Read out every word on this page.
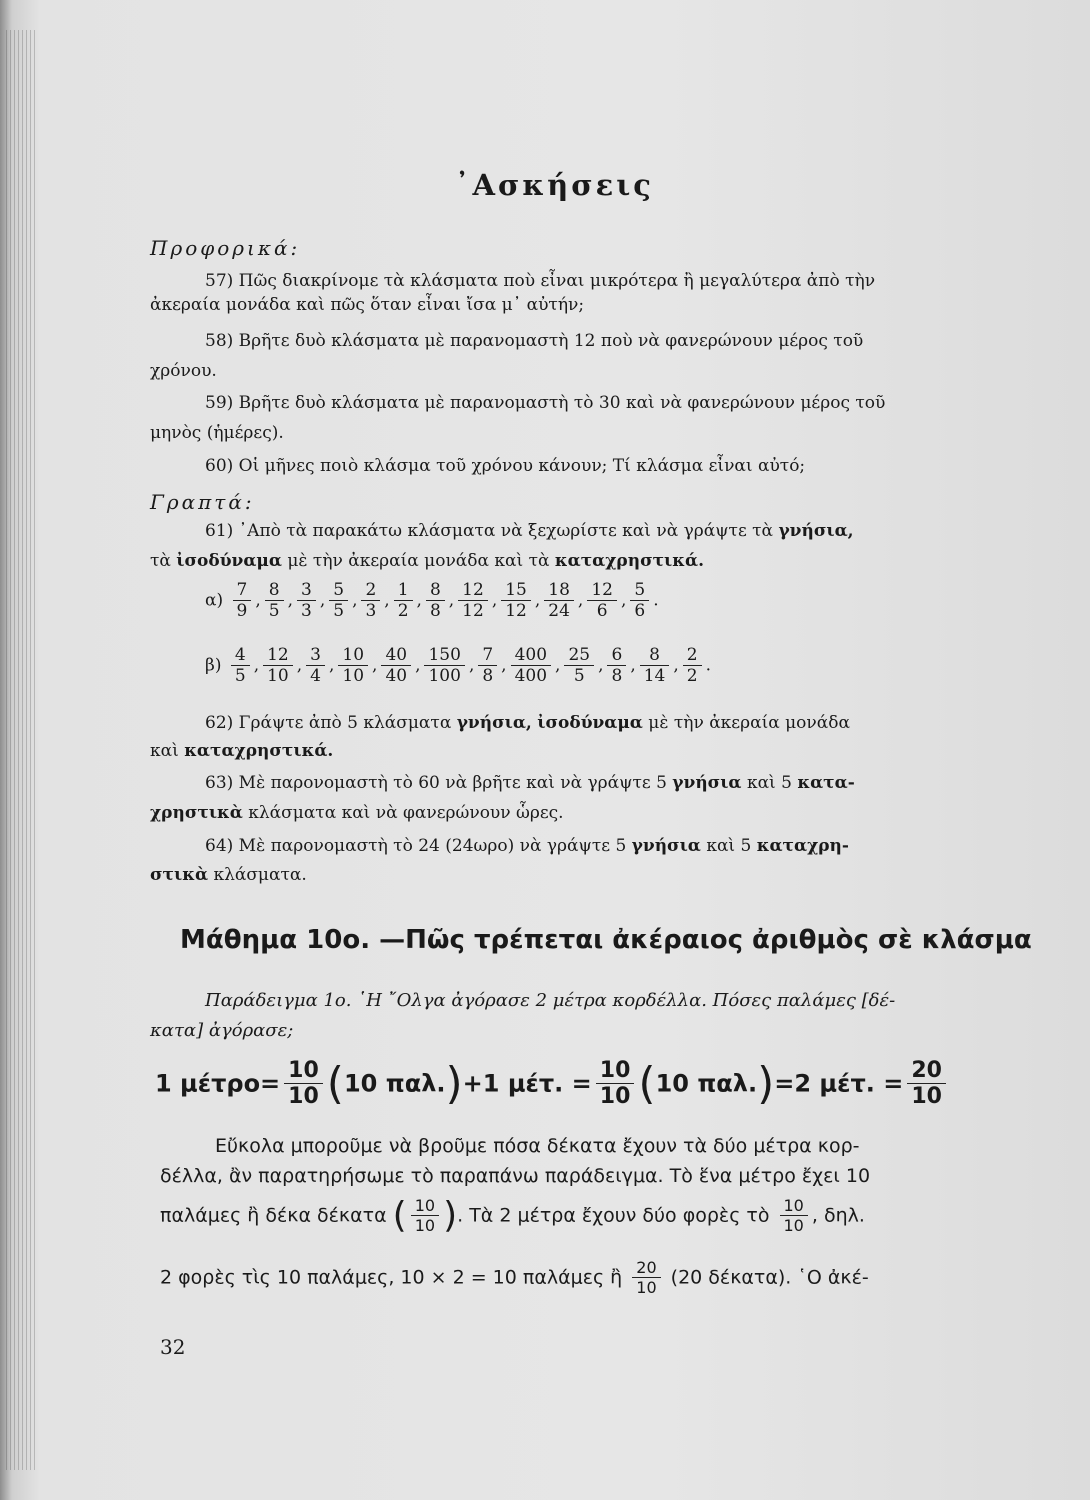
᾿Ασκήσεις
Προφορικά:
57) Πῶς διακρίνομε τὰ κλάσματα ποὺ εἶναι μικρότερα ἢ μεγαλύτερα ἀπὸ τὴν
ἀκεραία μονάδα καὶ πῶς ὅταν εἶναι ἴσα μ᾿ αὐτήν;
58) Βρῆτε δυὸ κλάσματα μὲ παρανομαστὴ 12 ποὺ νὰ φανερώνουν μέρος τοῦ
χρόνου.
59) Βρῆτε δυὸ κλάσματα μὲ παρανομαστὴ τὸ 30 καὶ νὰ φανερώνουν μέρος τοῦ
μηνὸς (ἡμέρες).
60) Οἱ μῆνες ποιὸ κλάσμα τοῦ χρόνου κάνουν; Τί κλάσμα εἶναι αὐτό;
Γραπτά:
61) ᾿Απὸ τὰ παρακάτω κλάσματα νὰ ξεχωρίστε καὶ νὰ γράψτε τὰ γνήσια,
τὰ ἰσοδύναμα μὲ τὴν ἀκεραία μονάδα καὶ τὰ καταχρηστικά.
$\alpha) \frac{7}{9}$ , $\frac{8}{5}$ , $\frac{3}{3}$ , $\frac{5}{5}$ , $\frac{2}{3}$ , $\frac{1}{2}$ , $\frac{8}{8}$ , $\frac{12}{12}$ , $\frac{15}{12}$ , $\frac{18}{24}$ , $\frac{12}{6}$ , $\frac{5}{6}$ .
$\beta) \frac{4}{5}$ , $\frac{12}{10}$ , $\frac{3}{4}$ , $\frac{10}{10}$ , $\frac{40}{40}$ , $\frac{150}{100}$ , $\frac{7}{8}$ , $\frac{400}{400}$ , $\frac{25}{5}$ , $\frac{6}{8}$ , $\frac{8}{14}$ , $\frac{2}{2}$ .
62) Γράψτε ἀπὸ 5 κλάσματα γνήσια, ἰσοδύναμα μὲ τὴν ἀκεραία μονάδα
καὶ καταχρηστικά.
63) Μὲ παρονομαστὴ τὸ 60 νὰ βρῆτε καὶ νὰ γράψτε 5 γνήσια καὶ 5 κατα-
χρηστικὰ κλάσματα καὶ νὰ φανερώνουν ὧρες.
64) Μὲ παρονομαστὴ τὸ 24 (24ωρο) νὰ γράψτε 5 γνήσια καὶ 5 καταχρη-
στικὰ κλάσματα.
Μάθημα 10ο. —Πῶς τρέπεται ἀκέραιος ἀριθμὸς σὲ κλάσμα
Παράδειγμα 1ο. ῾Η ῎Ολγα ἀγόρασε 2 μέτρα κορδέλλα. Πόσες παλάμες [δέ-
κατα] ἀγόρασε;
1 $\mu έ\tau\rho o= \frac{10}{10} (10$ παλ.)+1 μέτ. = $\frac{10}{10} (10$ παλ.)=2 μέτ. = $\frac{20}{10}$
Εὔκολα μποροῦμε νὰ βροῦμε πόσα δέκατα ἔχουν τὰ δύο μέτρα κορ-
δέλλα, ἂν παρατηρήσωμε τὸ παραπάνω παράδειγμα. Τὸ ἕνα μέτρο ἔχει 10
παλάμες ἢ δέκα δέκατα ( $\frac{10}{10}$ ). Τὰ 2 μέτρα ἔχουν δύο φορὲς τὸ $\frac{10}{10}$ , δηλ.
2 φορὲς τὶς 10 παλάμες, 10 × 2 = 10 παλάμες ἢ $\frac{20}{10} (20$ δέκατα). ῾Ο ἀκέ-
32
